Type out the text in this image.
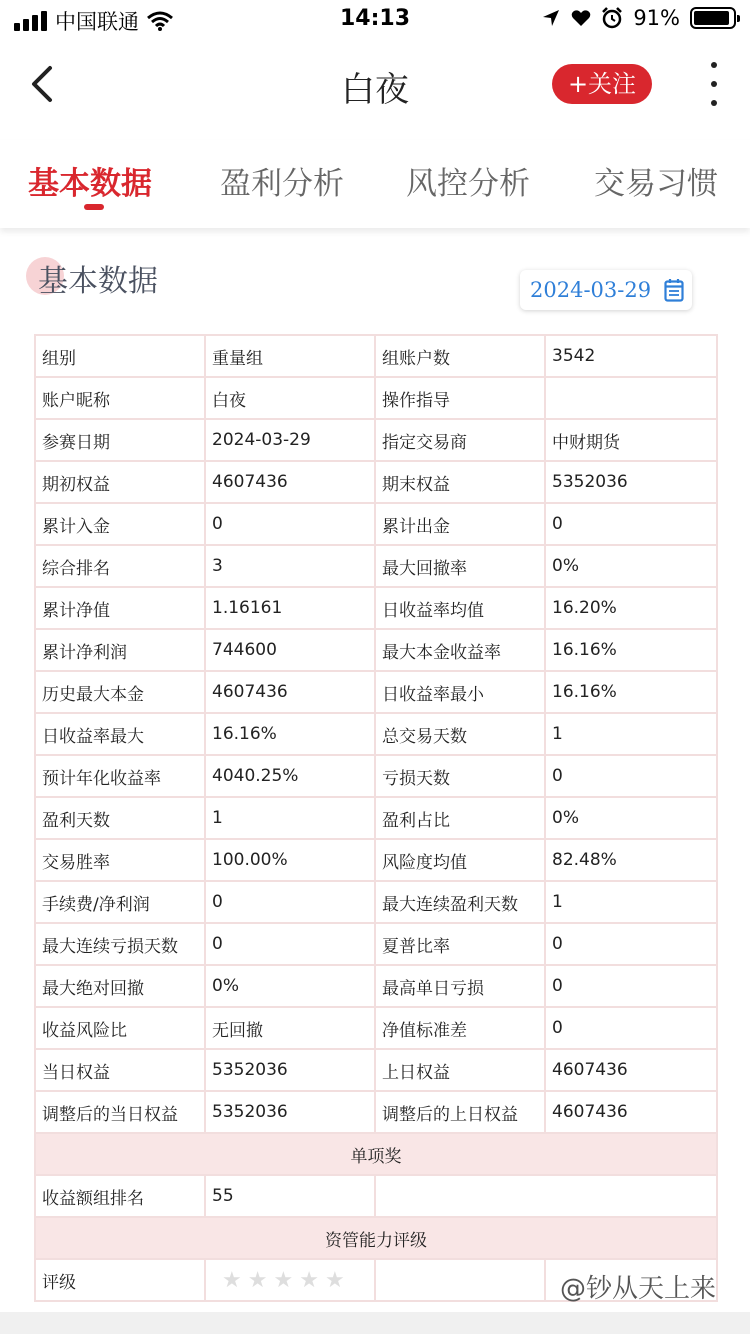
中国联通	14:13	91%
白夜	+关注
基本数据 盈利分析 风控分析 交易习惯
基本数据	2024-03-29
组别	重量组	组账户数	3542
账户昵称	白夜	操作指导	
参赛日期	2024-03-29	指定交易商	中财期货
期初权益	4607436	期末权益	5352036
累计入金	0	累计出金	0
综合排名	3	最大回撤率	0%
累计净值	1.16161	日收益率均值	16.20%
累计净利润	744600	最大本金收益率	16.16%
历史最大本金	4607436	日收益率最小	16.16%
日收益率最大	16.16%	总交易天数	1
预计年化收益率	4040.25%	亏损天数	0
盈利天数	1	盈利占比	0%
交易胜率	100.00%	风险度均值	82.48%
手续费/净利润	0	最大连续盈利天数	1
最大连续亏损天数	0	夏普比率	0
最大绝对回撤	0%	最高单日亏损	0
收益风险比	无回撤	净值标准差	0
当日权益	5352036	上日权益	4607436
调整后的当日权益	5352036	调整后的上日权益	4607436
单项奖			
收益额组排名	55		
资管能力评级			
评级	★ ★ ★ ★ ★		
			@钞从天上来
